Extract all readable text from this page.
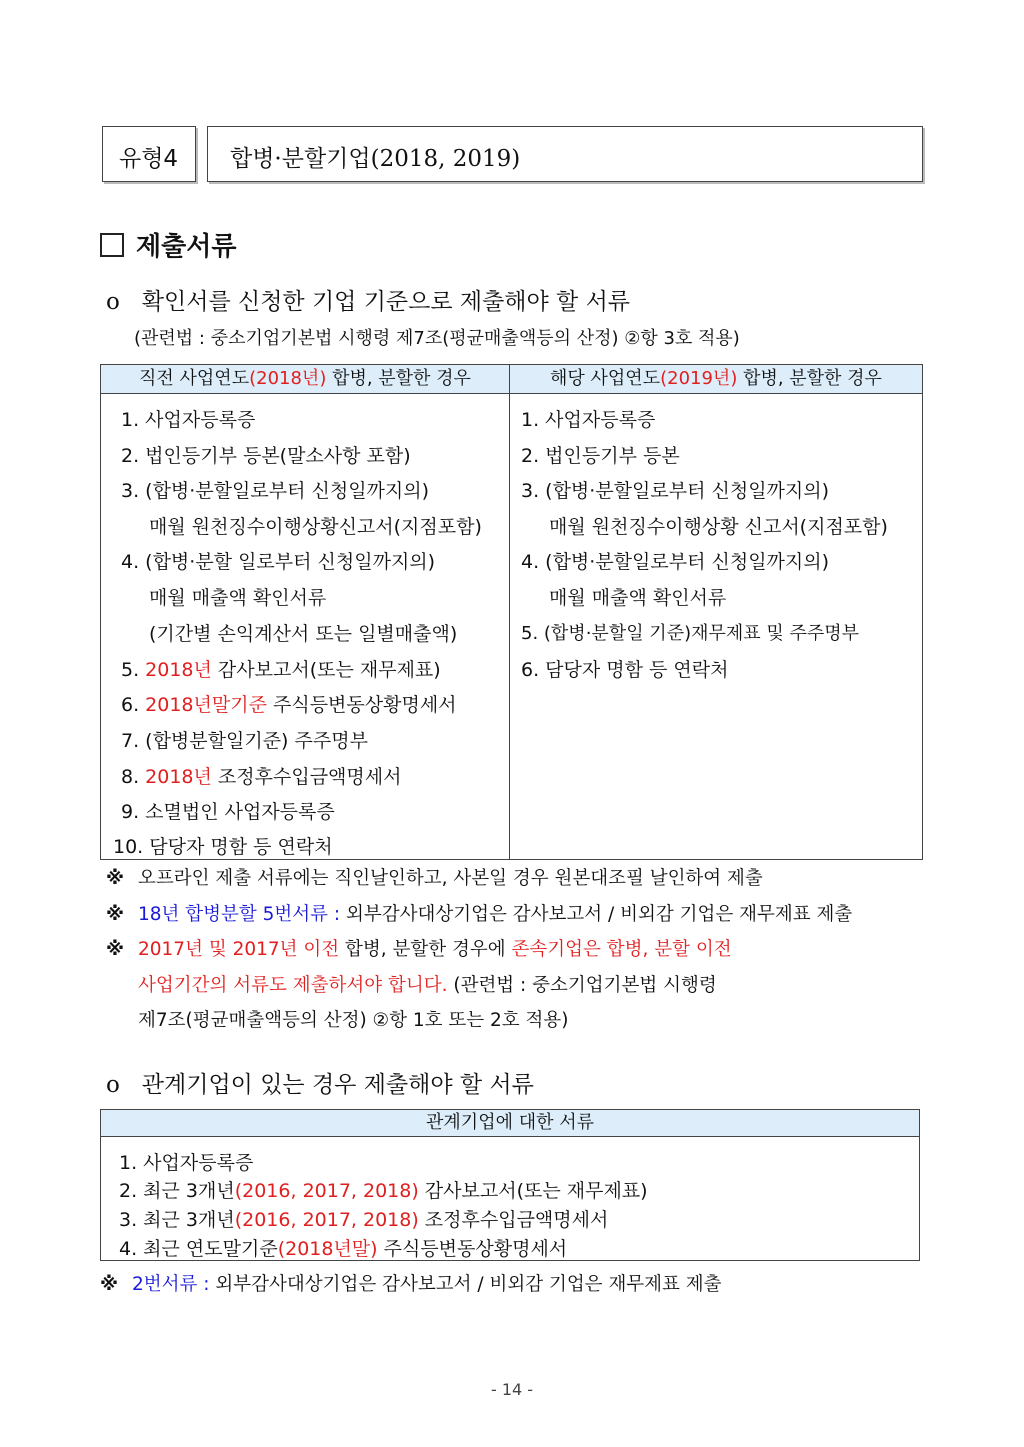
유형4 합병·분할기업(2018, 2019)
제출서류
o 확인서를 신청한 기업 기준으로 제출해야 할 서류
(관련법 : 중소기업기본법 시행령 제7조(평균매출액등의 산정) ②항 3호 적용)
직전 사업연도(2018년) 합병, 분할한 경우	해당 사업연도(2019년) 합병, 분할한 경우
1. 사업자등록증
2. 법인등기부 등본(말소사항 포함)
3. (합병·분할일로부터 신청일까지의)
매월 원천징수이행상황신고서(지점포함)
4. (합병·분할 일로부터 신청일까지의)
매월 매출액 확인서류
(기간별 손익계산서 또는 일별매출액)
5. 2018년 감사보고서(또는 재무제표)
6. 2018년말기준 주식등변동상황명세서
7. (합병분할일기준) 주주명부
8. 2018년 조정후수입금액명세서
9. 소멸법인 사업자등록증
10. 담당자 명함 등 연락처
1. 사업자등록증
2. 법인등기부 등본
3. (합병·분할일로부터 신청일까지의)
매월 원천징수이행상황 신고서(지점포함)
4. (합병·분할일로부터 신청일까지의)
매월 매출액 확인서류
5. (합병·분할일 기준)재무제표 및 주주명부
6. 담당자 명함 등 연락처
※ 오프라인 제출 서류에는 직인날인하고, 사본일 경우 원본대조필 날인하여 제출
※ 18년 합병분할 5번서류 : 외부감사대상기업은 감사보고서 / 비외감 기업은 재무제표 제출
※ 2017년 및 2017년 이전 합병, 분할한 경우에 존속기업은 합병, 분할 이전
사업기간의 서류도 제출하셔야 합니다. (관련법 : 중소기업기본법 시행령
제7조(평균매출액등의 산정) ②항 1호 또는 2호 적용)
o 관계기업이 있는 경우 제출해야 할 서류
관계기업에 대한 서류
1. 사업자등록증
2. 최근 3개년(2016, 2017, 2018) 감사보고서(또는 재무제표)
3. 최근 3개년(2016, 2017, 2018) 조정후수입금액명세서
4. 최근 연도말기준(2018년말) 주식등변동상황명세서
※ 2번서류 : 외부감사대상기업은 감사보고서 / 비외감 기업은 재무제표 제출
- 14 -
